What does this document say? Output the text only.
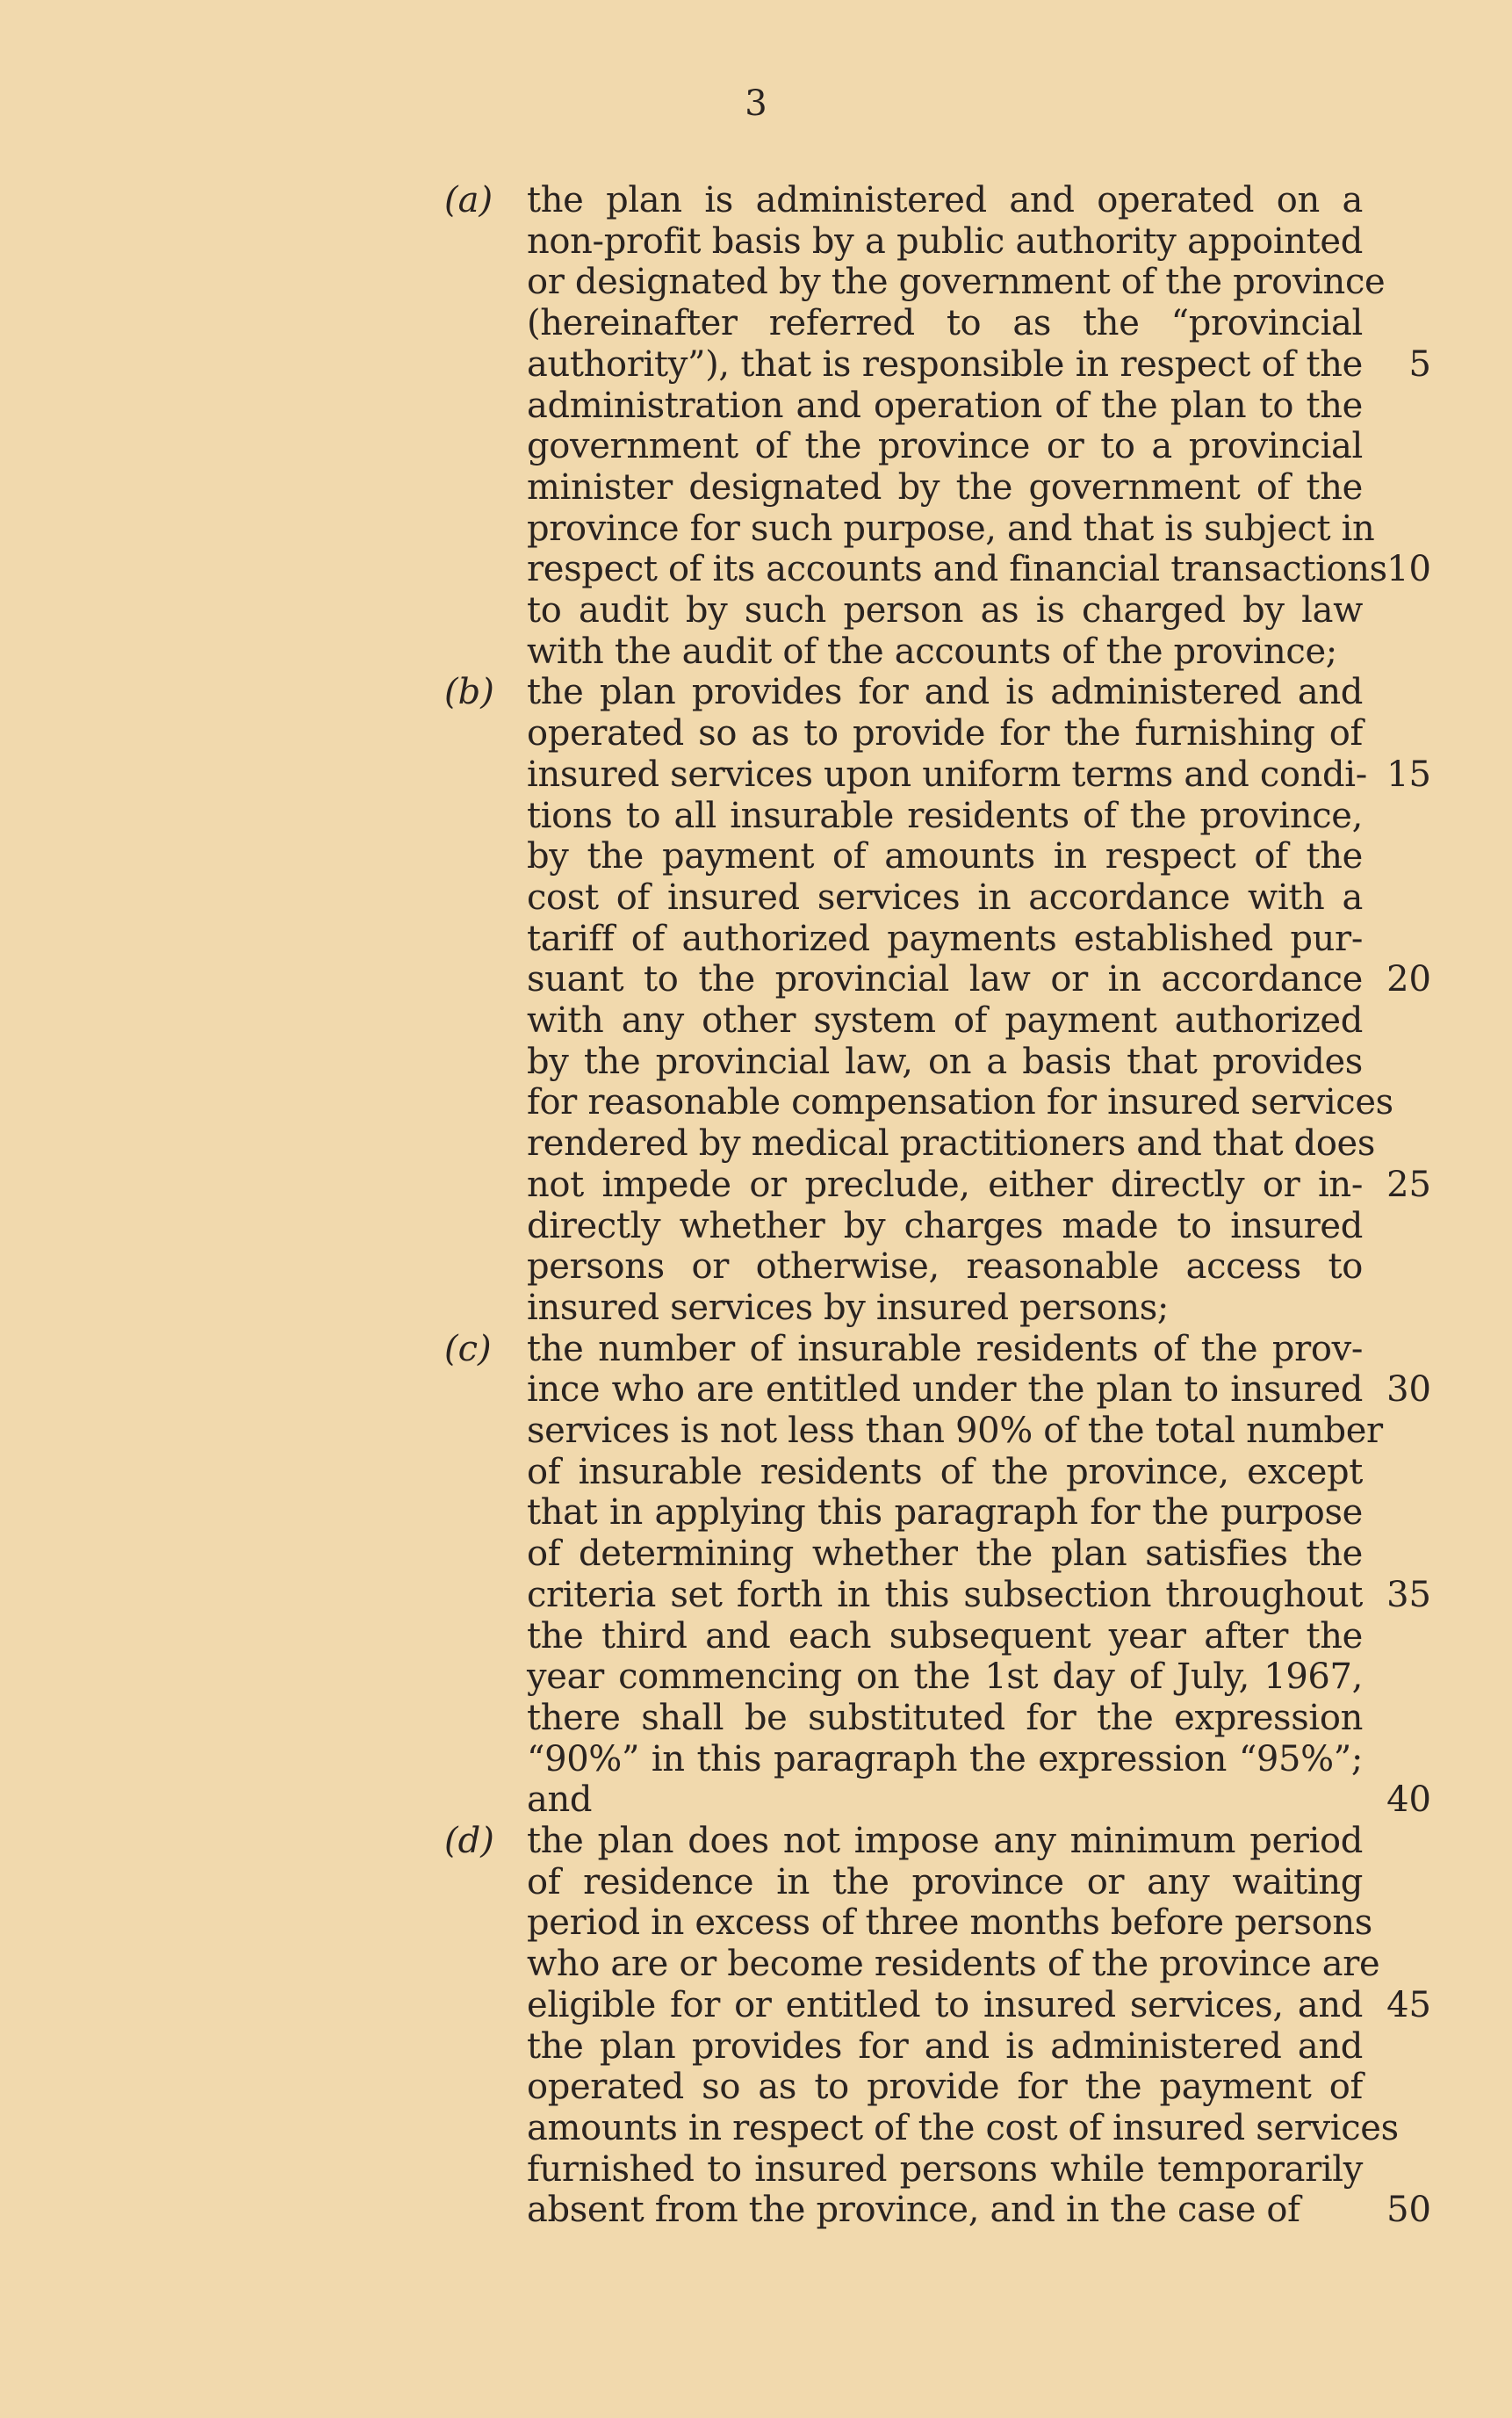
3
(a) the plan is administered and operated on a
non-profit basis by a public authority appointed
or designated by the government of the province
(hereinafter referred to as the “provincial
authority”), that is responsible in respect of the
administration and operation of the plan to the
government of the province or to a provincial
minister designated by the government of the
province for such purpose, and that is subject in
respect of its accounts and financial transactions
to audit by such person as is charged by law
with the audit of the accounts of the province;
(b) the plan provides for and is administered and
operated so as to provide for the furnishing of
insured services upon uniform terms and condi-
tions to all insurable residents of the province,
by the payment of amounts in respect of the
cost of insured services in accordance with a
tariff of authorized payments established pur-
suant to the provincial law or in accordance
with any other system of payment authorized
by the provincial law, on a basis that provides
for reasonable compensation for insured services
rendered by medical practitioners and that does
not impede or preclude, either directly or in-
directly whether by charges made to insured
persons or otherwise, reasonable access to
insured services by insured persons;
(c) the number of insurable residents of the prov-
ince who are entitled under the plan to insured
services is not less than 90% of the total number
of insurable residents of the province, except
that in applying this paragraph for the purpose
of determining whether the plan satisfies the
criteria set forth in this subsection throughout
the third and each subsequent year after the
year commencing on the 1st day of July, 1967,
there shall be substituted for the expression
“90%” in this paragraph the expression “95%”;
and
(d) the plan does not impose any minimum period
of residence in the province or any waiting
period in excess of three months before persons
who are or become residents of the province are
eligible for or entitled to insured services, and
the plan provides for and is administered and
operated so as to provide for the payment of
amounts in respect of the cost of insured services
furnished to insured persons while temporarily
absent from the province, and in the case of
5
10
15
20
25
30
35
40
45
50
